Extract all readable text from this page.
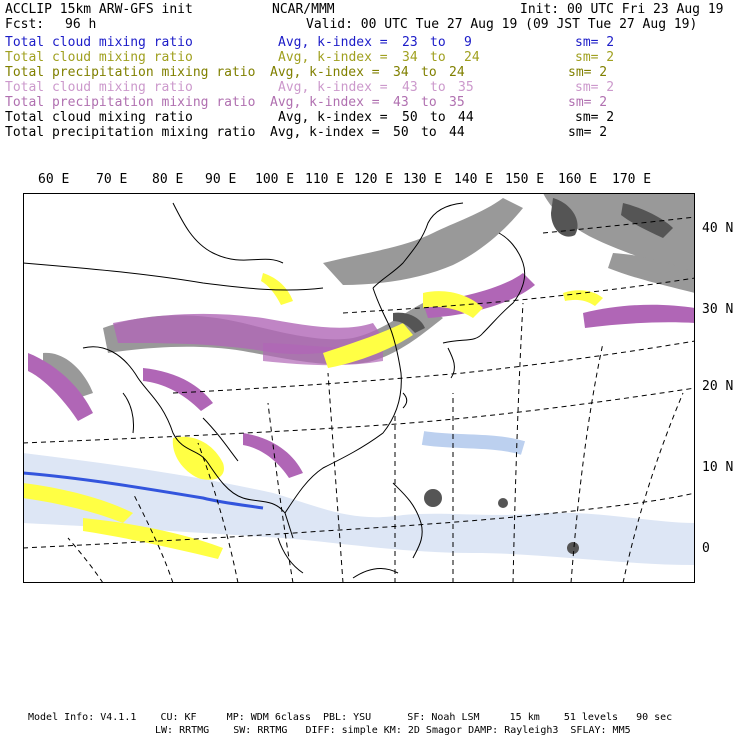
ACCLIP 15km ARW-GFS init	NCAR/MMM	Init: 00 UTC Fri 23 Aug 19
Fcst: 96 h	Valid: 00 UTC Tue 27 Aug 19 (09 JST Tue 27 Aug 19)
Total cloud mixing ratio	Avg, k-index = 23 to 9	sm= 2
Total cloud mixing ratio	Avg, k-index = 34 to 24	sm= 2
Total precipitation mixing ratio Avg, k-index = 34 to 24	sm= 2
Total cloud mixing ratio	Avg, k-index = 43 to 35	sm= 2
Total precipitation mixing ratio Avg, k-index = 43 to 35	sm= 2
Total cloud mixing ratio	Avg, k-index = 50 to 44	sm= 2
Total precipitation mixing ratio Avg, k-index = 50 to 44	sm= 2
60 E 70 E 80 E 90 E 100 E 110 E 120 E 130 E 140 E 150 E 160 E 170 E
40 N
30 N
20 N
10 N
0
Model Info: V4.1.1    CU: KF     MP: WDM 6class  PBL: YSU      SF: Noah LSM     15 km    51 levels   90 sec
LW: RRTMG    SW: RRTMG   DIFF: simple KM: 2D Smagor DAMP: Rayleigh3  SFLAY: MM5
